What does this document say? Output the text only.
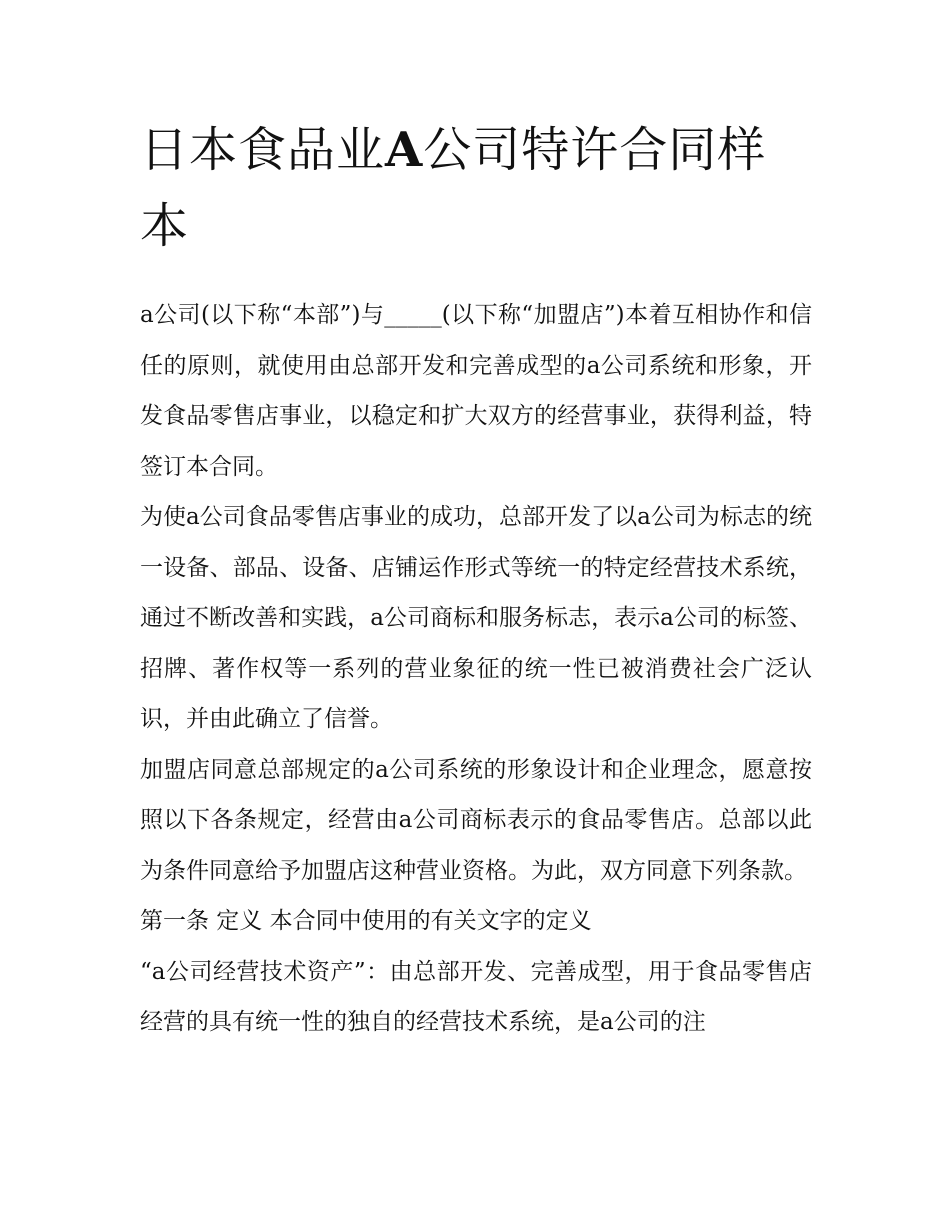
日本食品业A公司特许合同样本

a公司(以下称“本部”)与_____(以下称“加盟店”)本着互相协作和信任的原则，就使用由总部开发和完善成型的a公司系统和形象，开发食品零售店事业，以稳定和扩大双方的经营事业，获得利益，特签订本合同。

为使a公司食品零售店事业的成功，总部开发了以a公司为标志的统一设备、部品、设备、店铺运作形式等统一的特定经营技术系统，通过不断改善和实践，a公司商标和服务标志，表示a公司的标签、招牌、著作权等一系列的营业象征的统一性已被消费社会广泛认识，并由此确立了信誉。

加盟店同意总部规定的a公司系统的形象设计和企业理念，愿意按照以下各条规定，经营由a公司商标表示的食品零售店。总部以此为条件同意给予加盟店这种营业资格。为此，双方同意下列条款。

第一条 定义 本合同中使用的有关文字的定义

“a公司经营技术资产”：由总部开发、完善成型，用于食品零售店经营的具有统一性的独自的经营技术系统，是a公司的注
